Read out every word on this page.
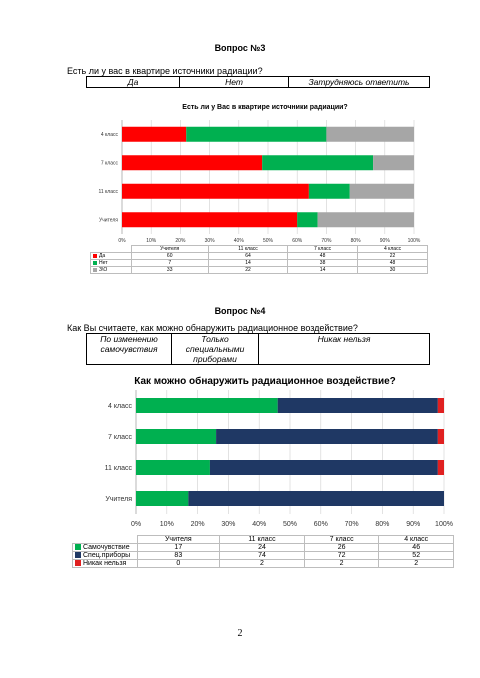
Вопрос №3
Есть ли у вас в квартире источники радиации?
Да	Нет	Затрудняюсь ответить
Есть ли у Вас в квартире источники радиации?
0%	10%	20%	30%	40%	50%	60%	70%	80%	90%	100%
4 класс
7 класс
11 класс
Учителя
	Учителя	11 класс	7 класс	4 класс
Да	60	64	48	22
Нет	7	14	38	48
З\О	33	22	14	30
Вопрос №4
Как Вы считаете, как можно обнаружить радиационное воздействие?
По изменению самочувствия	Только специальными приборами	Никак нельзя
Как можно обнаружить радиационное воздействие?
0%	10% 20% 30% 40% 50% 60% 70% 80% 90% 100%
4 класс
7 класс
11 класс
Учителя
	Учителя	11 класс	7 класс	4 класс
Самочувствие	17	24	26	46
Спец.приборы	83	74	72	52
Никак нельзя	0	2	2	2
2
